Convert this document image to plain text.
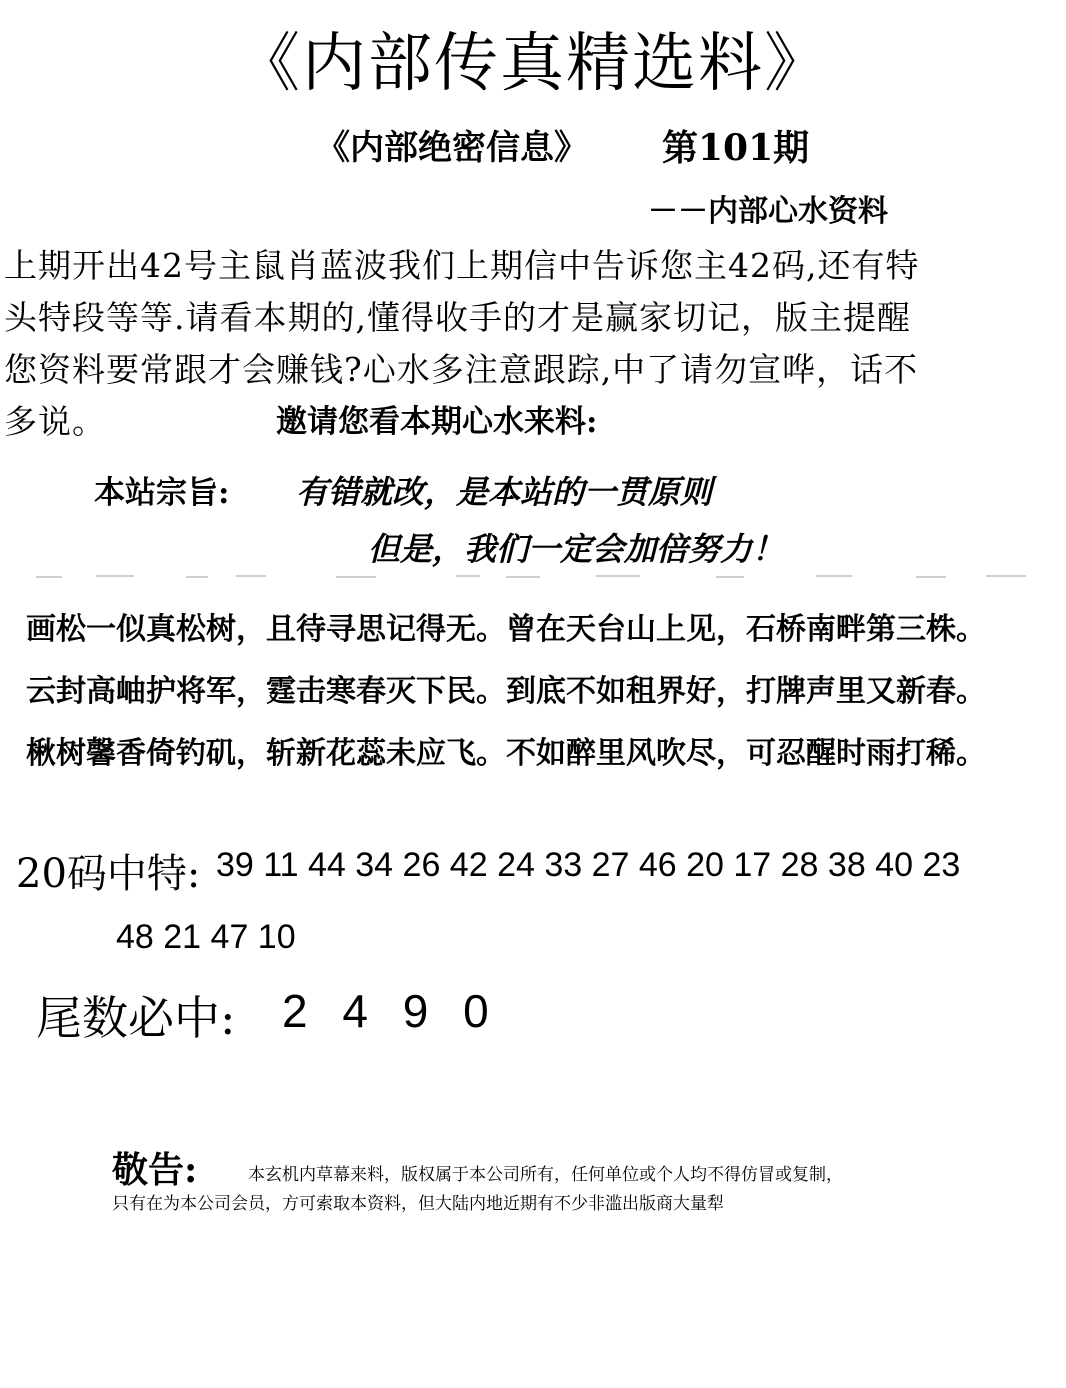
《内部传真精选料》
《内部绝密信息》 第101期
－－内部心水资料
上期开出42号主鼠肖蓝波我们上期信中告诉您主42码,还有特
头特段等等.请看本期的,懂得收手的才是赢家切记，版主提醒
您资料要常跟才会赚钱?心水多注意跟踪,中了请勿宣哗，话不
多说。	邀请您看本期心水来料:
本站宗旨: 有错就改，是本站的一贯原则
但是，我们一定会加倍努力！
画松一似真松树，且待寻思记得无。曾在天台山上见，石桥南畔第三株。
云封高岫护将军，霆击寒春灭下民。到底不如租界好，打牌声里又新春。
楸树馨香倚钓矶，斩新花蕊未应飞。不如醉里风吹尽，可忍醒时雨打稀。
20码中特: 39 11 44 34 26 42 24 33 27 46 20 17 28 38 40 23
48 21 47 10
尾数必中: 2 4 9 0
敬告:	本玄机内草幕来料，版权属于本公司所有，任何单位或个人均不得仿冒或复制，
只有在为本公司会员，方可索取本资料，但大陆内地近期有不少非滥出版商大量犁
